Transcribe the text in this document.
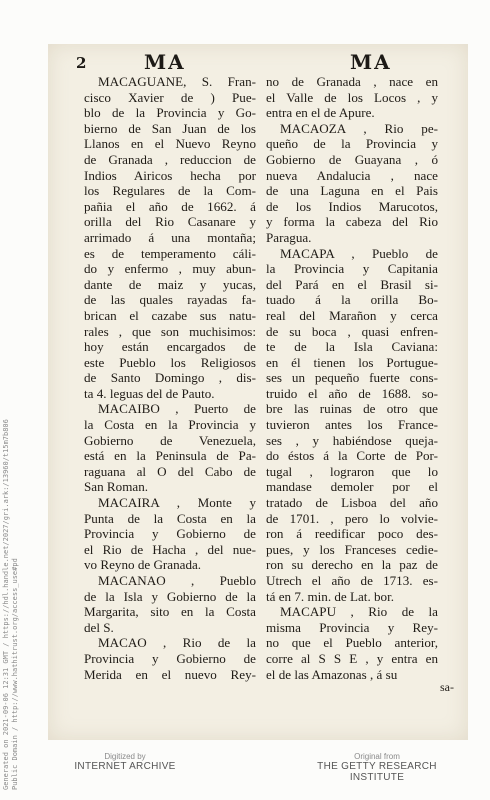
2	MA	MA
MACAGUANE, S. Fran-
cisco Xavier de ) Pue-
blo de la Provincia y Go-
bierno de San Juan de los
Llanos en el Nuevo Reyno
de Granada , reduccion de
Indios Airicos hecha por
los Regulares de la Com-
pañia el año de 1662. á
orilla del Rio Casanare y
arrimado á una montaña;
es de temperamento cáli-
do y enfermo , muy abun-
dante de maiz y yucas,
de las quales rayadas fa-
brican el cazabe sus natu-
rales , que son muchisimos:
hoy están encargados de
este Pueblo los Religiosos
de Santo Domingo , dis-
ta 4. leguas del de Pauto.
MACAIBO , Puerto de
la Costa en la Provincia y
Gobierno de Venezuela,
está en la Peninsula de Pa-
raguana al O del Cabo de
San Roman.
MACAIRA , Monte y
Punta de la Costa en la
Provincia y Gobierno de
el Rio de Hacha , del nue-
vo Reyno de Granada.
MACANAO , Pueblo
de la Isla y Gobierno de la
Margarita, sito en la Costa
del S.
MACAO , Rio de la
Provincia y Gobierno de
Merida en el nuevo Rey-
no de Granada , nace en
el Valle de los Locos , y
entra en el de Apure.
MACAOZA , Rio pe-
queño de la Provincia y
Gobierno de Guayana , ó
nueva Andalucia , nace
de una Laguna en el Pais
de los Indios Marucotos,
y forma la cabeza del Rio
Paragua.
MACAPA , Pueblo de
la Provincia y Capitania
del Pará en el Brasil si-
tuado á la orilla Bo-
real del Marañon y cerca
de su boca , quasi enfren-
te de la Isla Caviana:
en él tienen los Portugue-
ses un pequeño fuerte cons-
truido el año de 1688. so-
bre las ruinas de otro que
tuvieron antes los France-
ses , y habiéndose queja-
do éstos á la Corte de Por-
tugal , lograron que lo
mandase demoler por el
tratado de Lisboa del año
de 1701. , pero lo volvie-
ron á reedificar poco des-
pues, y los Franceses cedie-
ron su derecho en la paz de
Utrech el año de 1713. es-
tá en 7. min. de Lat. bor.
MACAPU , Rio de la
misma Provincia y Rey-
no que el Pueblo anterior,
corre al S S E , y entra en
el de las Amazonas , á su
sa-
Digitized by
INTERNET ARCHIVE
Original from
THE GETTY RESEARCH INSTITUTE
Generated on 2021-09-06 12:31 GMT / https://hdl.handle.net/2027/gri.ark:/13960/t15m7b806 Public Domain / http://www.hathitrust.org/access_use#pd
